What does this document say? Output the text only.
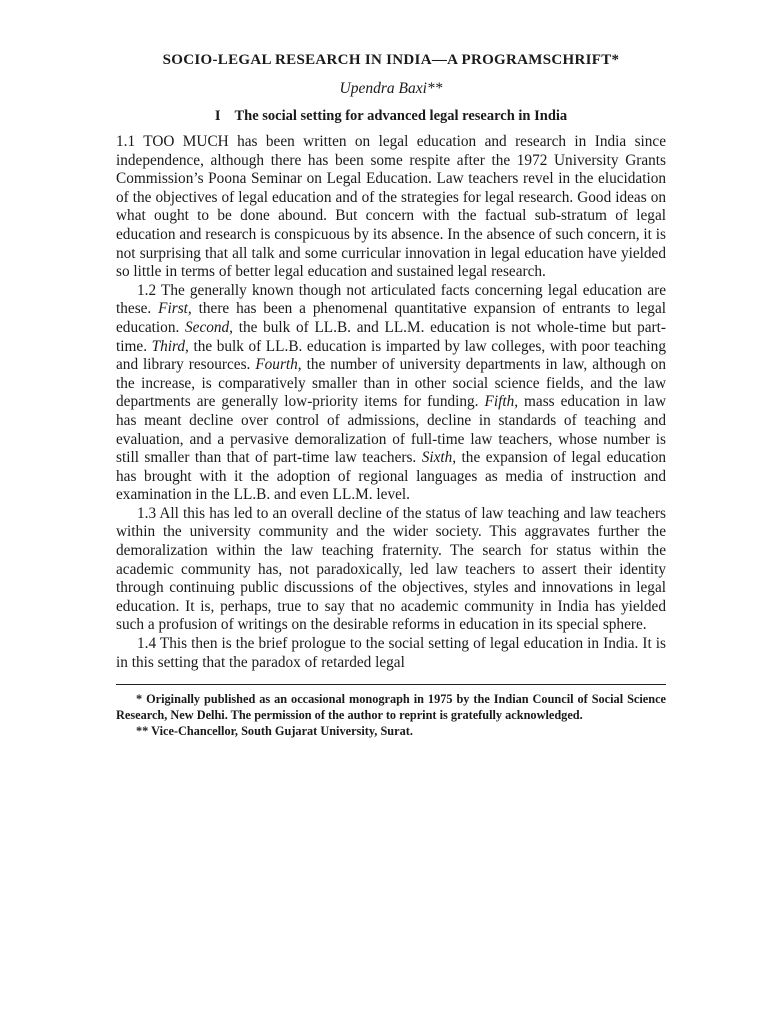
SOCIO-LEGAL RESEARCH IN INDIA—A PROGRAMSCHRIFT*
Upendra Baxi**
I The social setting for advanced legal research in India

1.1 TOO MUCH has been written on legal education and research in India since independence, although there has been some respite after the 1972 University Grants Commission’s Poona Seminar on Legal Education. Law teachers revel in the elucidation of the objectives of legal education and of the strategies for legal research. Good ideas on what ought to be done abound. But concern with the factual sub-stratum of legal education and research is conspicuous by its absence. In the absence of such concern, it is not surprising that all talk and some curricular innovation in legal education have yielded so little in terms of better legal education and sustained legal research.

1.2 The generally known though not articulated facts concerning legal education are these. First, there has been a phenomenal quantitative expansion of entrants to legal education. Second, the bulk of LL.B. and LL.M. education is not whole-time but part-time. Third, the bulk of LL.B. education is imparted by law colleges, with poor teaching and library resources. Fourth, the number of university departments in law, although on the increase, is comparatively smaller than in other social science fields, and the law departments are generally low-priority items for funding. Fifth, mass education in law has meant decline over control of admissions, decline in standards of teaching and evaluation, and a pervasive demoralization of full-time law teachers, whose number is still smaller than that of part-time law teachers. Sixth, the expansion of legal education has brought with it the adoption of regional languages as media of instruction and examination in the LL.B. and even LL.M. level.

1.3 All this has led to an overall decline of the status of law teaching and law teachers within the university community and the wider society. This aggravates further the demoralization within the law teaching fraternity. The search for status within the academic community has, not paradoxically, led law teachers to assert their identity through continuing public discussions of the objectives, styles and innovations in legal education. It is, perhaps, true to say that no academic community in India has yielded such a profusion of writings on the desirable reforms in education in its special sphere.

1.4 This then is the brief prologue to the social setting of legal education in India. It is in this setting that the paradox of retarded legal

* Originally published as an occasional monograph in 1975 by the Indian Council of Social Science Research, New Delhi. The permission of the author to reprint is gratefully acknowledged.

** Vice-Chancellor, South Gujarat University, Surat.
